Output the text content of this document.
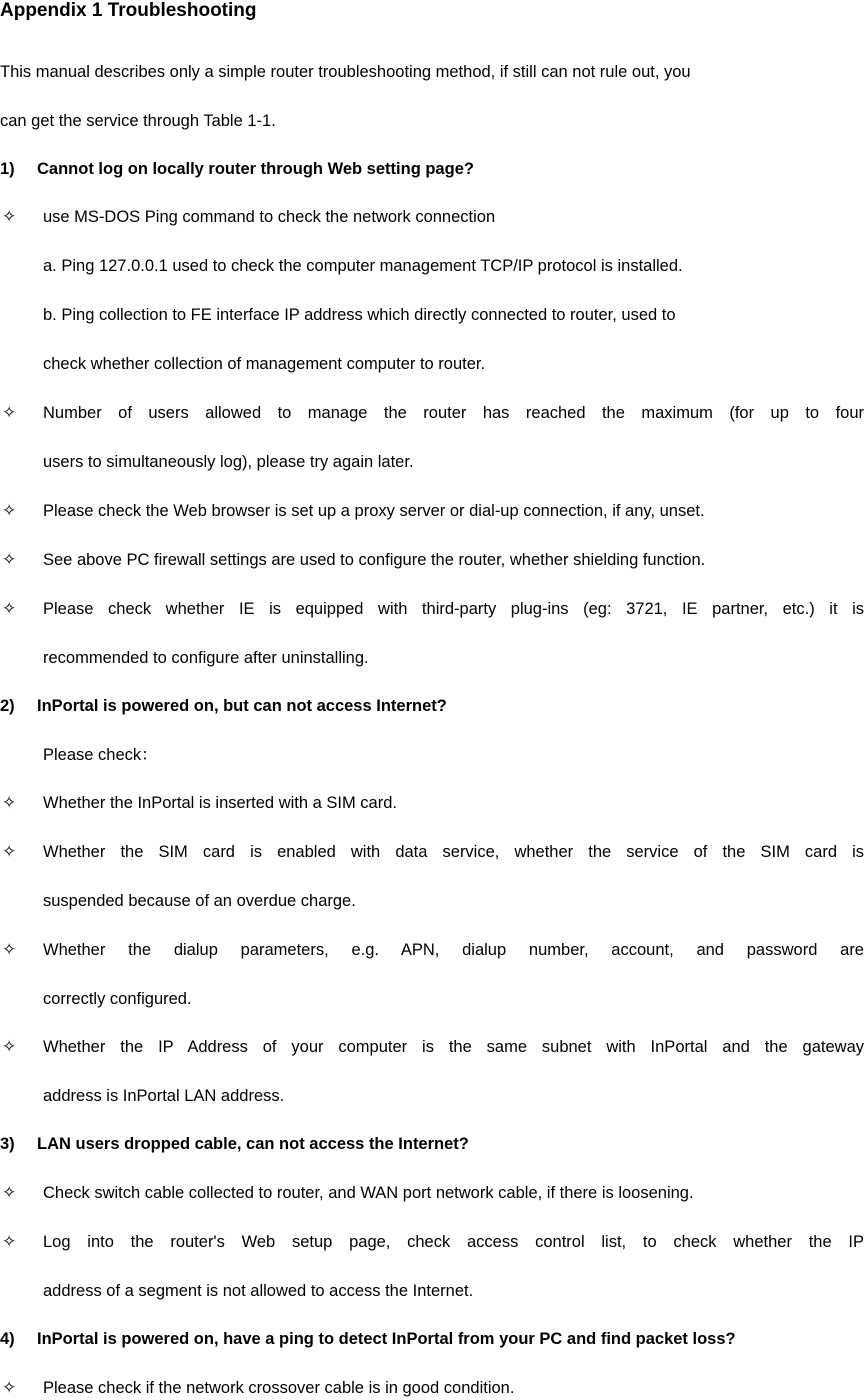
Appendix 1 Troubleshooting
This manual describes only a simple router troubleshooting method, if still can not rule out, you
can get the service through Table 1-1.
1) Cannot log on locally router through Web setting page?
✧ use MS-DOS Ping command to check the network connection
a. Ping 127.0.0.1 used to check the computer management TCP/IP protocol is installed.
b. Ping collection to FE interface IP address which directly connected to router, used to
check whether collection of management computer to router.
✧ Number of users allowed to manage the router has reached the maximum (for up to four
users to simultaneously log), please try again later.
✧ Please check the Web browser is set up a proxy server or dial-up connection, if any, unset.
✧ See above PC firewall settings are used to configure the router, whether shielding function.
✧ Please check whether IE is equipped with third-party plug-ins (eg: 3721, IE partner, etc.) it is
recommended to configure after uninstalling.
2) InPortal is powered on, but can not access Internet?
Please check：
✧ Whether the InPortal is inserted with a SIM card.
✧ Whether the SIM card is enabled with data service, whether the service of the SIM card is
suspended because of an overdue charge.
✧ Whether the dialup parameters, e.g. APN, dialup number, account, and password are
correctly configured.
✧ Whether the IP Address of your computer is the same subnet with InPortal and the gateway
address is InPortal LAN address.
3) LAN users dropped cable, can not access the Internet?
✧ Check switch cable collected to router, and WAN port network cable, if there is loosening.
✧ Log into the router's Web setup page, check access control list, to check whether the IP
address of a segment is not allowed to access the Internet.
4) InPortal is powered on, have a ping to detect InPortal from your PC and find packet loss?
✧ Please check if the network crossover cable is in good condition.
